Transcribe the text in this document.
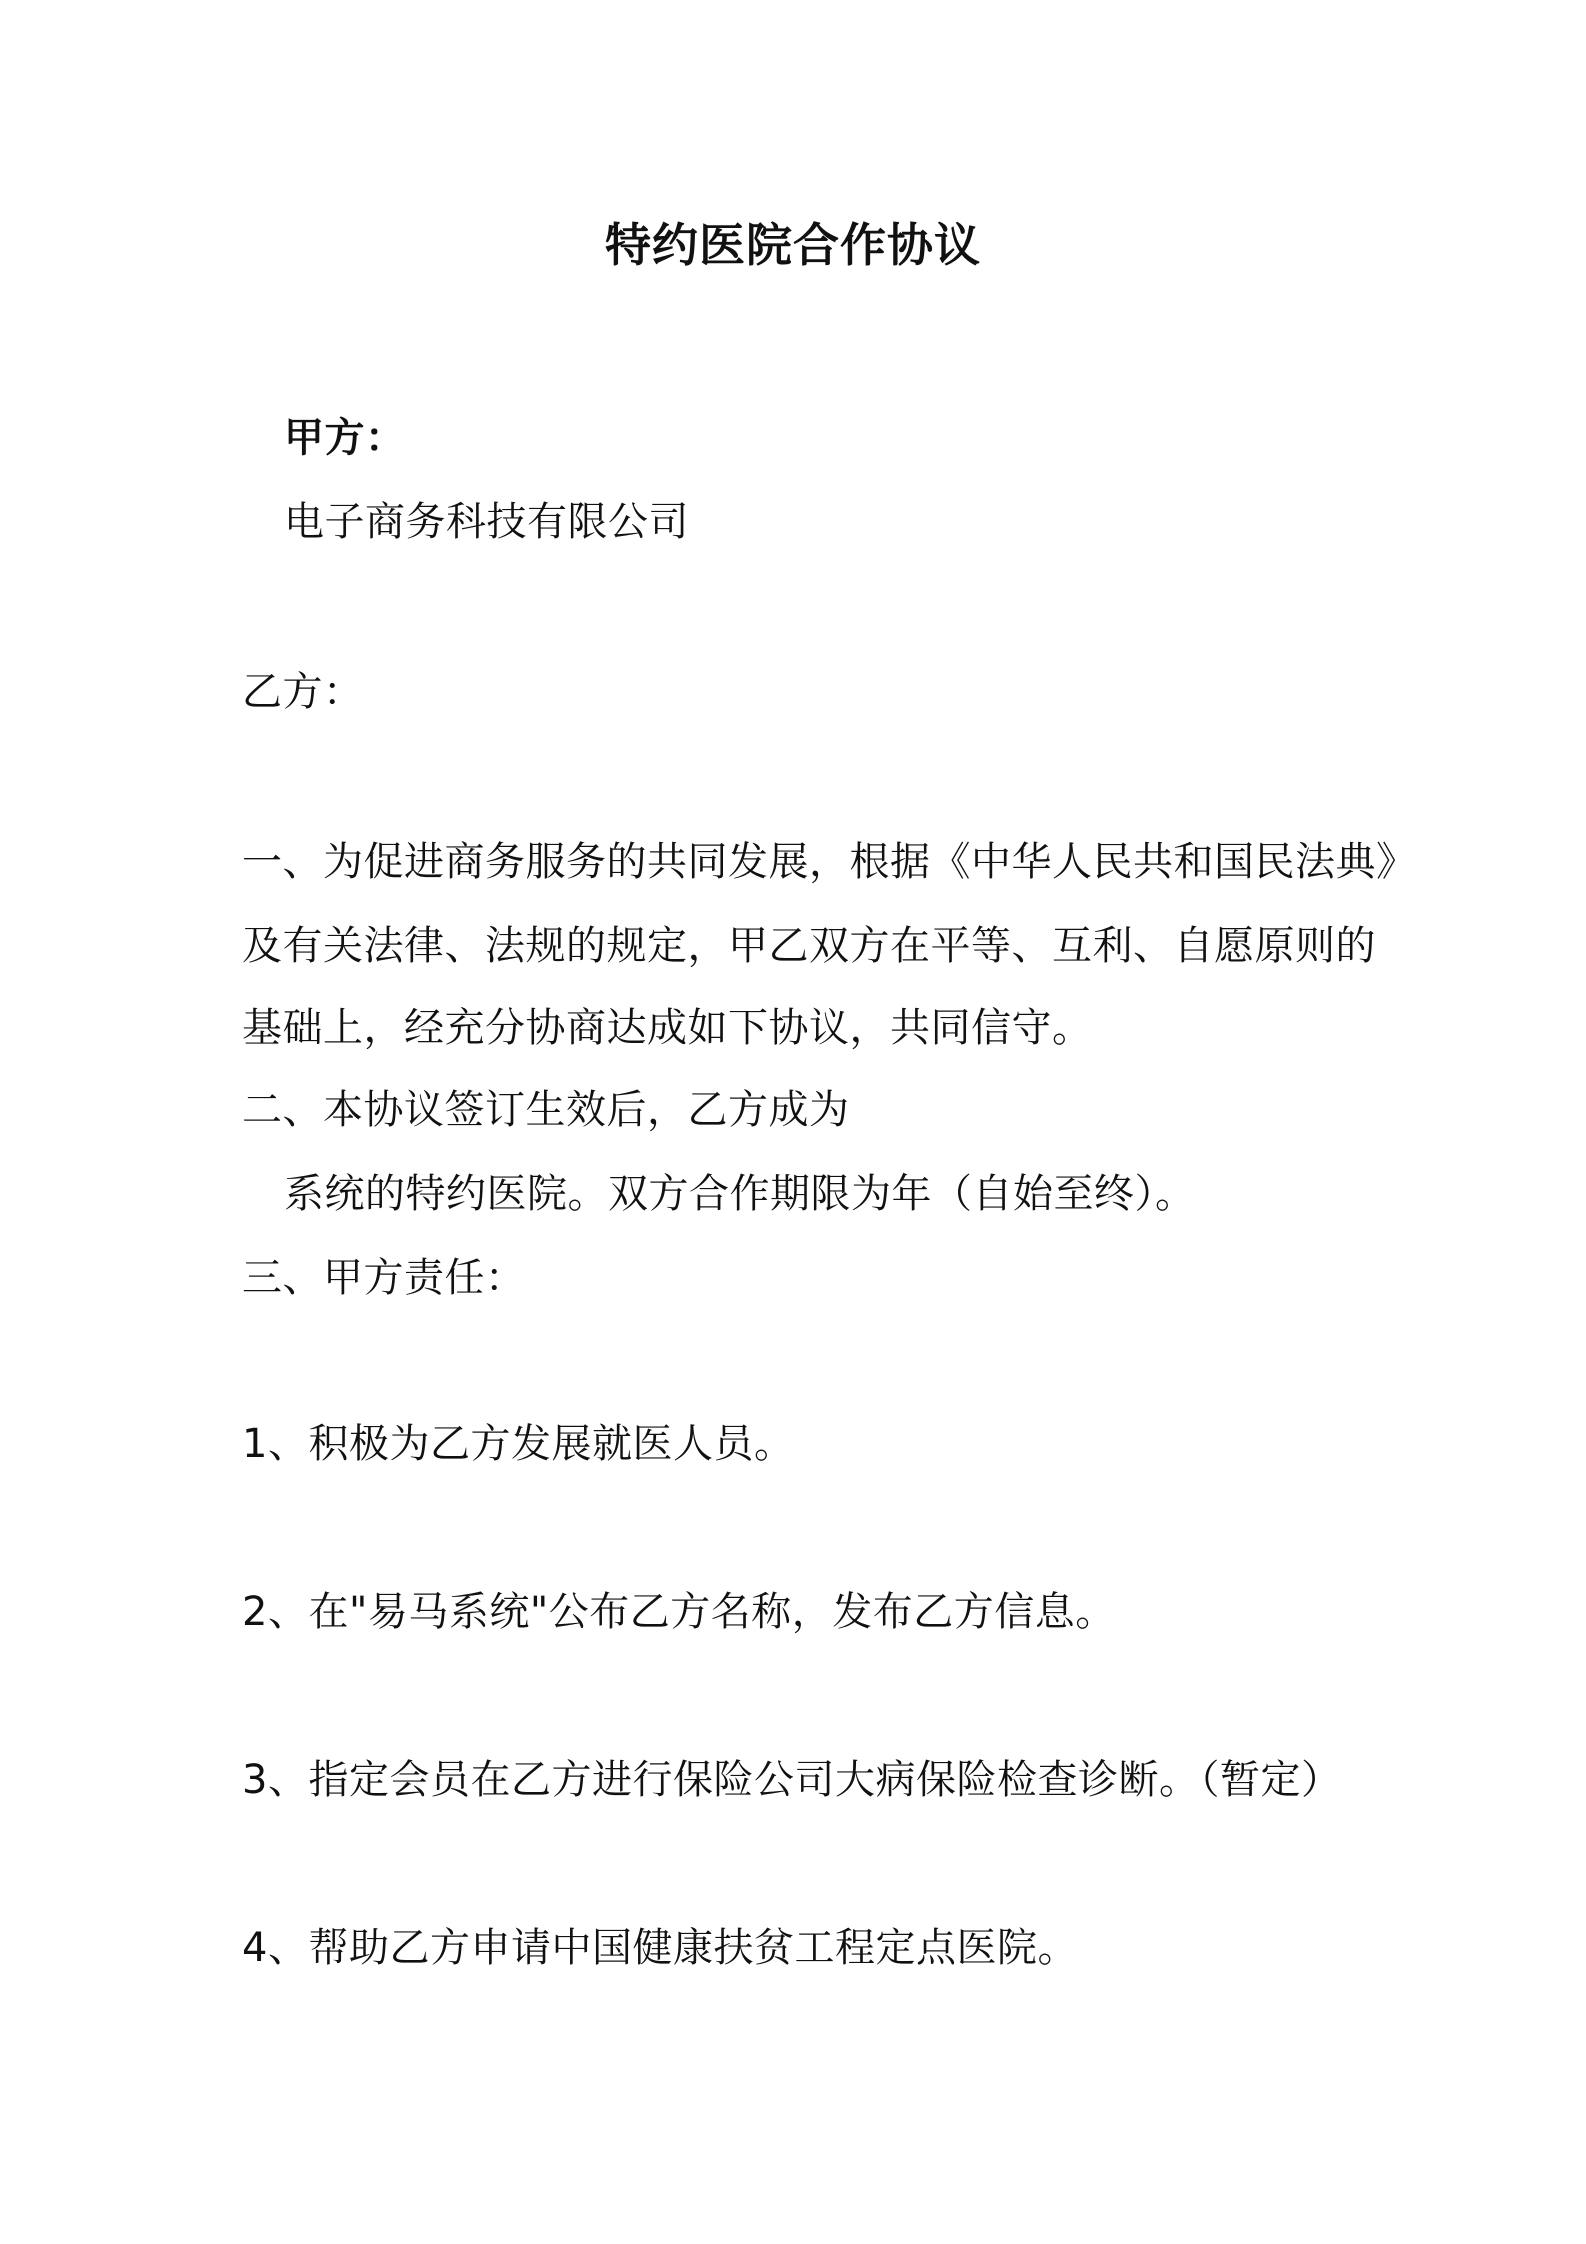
特约医院合作协议
甲方：
电子商务科技有限公司
乙方：
一、为促进商务服务的共同发展，根据《中华人民共和国民法典》
及有关法律、法规的规定，甲乙双方在平等、互利、自愿原则的
基础上，经充分协商达成如下协议，共同信守。
二、本协议签订生效后，乙方成为
系统的特约医院。双方合作期限为年（自始至终）。
三、甲方责任：
1、积极为乙方发展就医人员。
2、在"易马系统"公布乙方名称，发布乙方信息。
3、指定会员在乙方进行保险公司大病保险检查诊断。（暂定）
4、帮助乙方申请中国健康扶贫工程定点医院。
